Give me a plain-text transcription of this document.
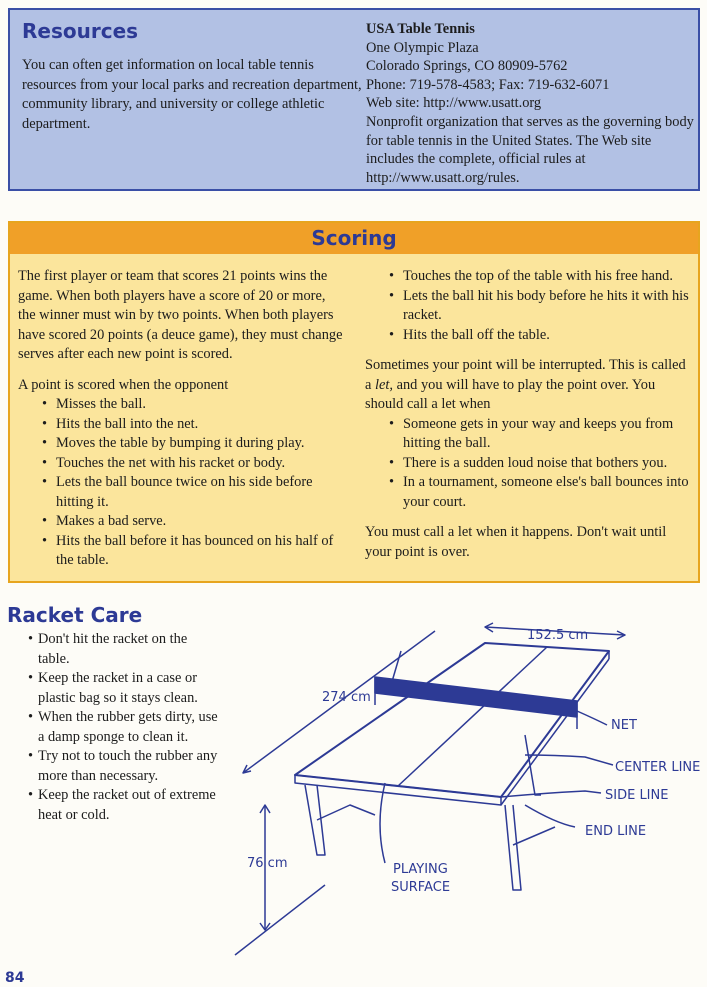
Resources

You can often get information on local table tennis resources from your local parks and recreation department, community library, and university or college athletic department.

USA Table Tennis

One Olympic Plaza

Colorado Springs, CO 80909-5762

Phone: 719-578-4583; Fax: 719-632-6071

Web site: http://www.usatt.org

Nonprofit organization that serves as the governing body for table tennis in the United States. The Web site includes the complete, official rules at http://www.usatt.org/rules.

Scoring

The first player or team that scores 21 points wins the game. When both players have a score of 20 or more, the winner must win by two points. When both players have scored 20 points (a deuce game), they must change serves after each new point is scored.

A point is scored when the opponent

• Misses the ball.
• Hits the ball into the net.
• Moves the table by bumping it during play.
• Touches the net with his racket or body.
• Lets the ball bounce twice on his side before hitting it.
• Makes a bad serve.
• Hits the ball before it has bounced on his half of the table.
• Touches the top of the table with his free hand.
• Lets the ball hit his body before he hits it with his racket.
• Hits the ball off the table.

Sometimes your point will be interrupted. This is called a let, and you will have to play the point over. You should call a let when

• Someone gets in your way and keeps you from hitting the ball.
• There is a sudden loud noise that bothers you.
• In a tournament, someone else's ball bounces into your court.

You must call a let when it happens. Don't wait until your point is over.

Racket Care
• Don't hit the racket on the table.
• Keep the racket in a case or plastic bag so it stays clean.
• When the rubber gets dirty, use a damp sponge to clean it.
• Try not to touch the rubber any more than necessary.
• Keep the racket out of extreme heat or cold.
152.5 cm
274 cm
76 cm
NET
CENTER LINE
SIDE LINE
END LINE
PLAYING
SURFACE

84
